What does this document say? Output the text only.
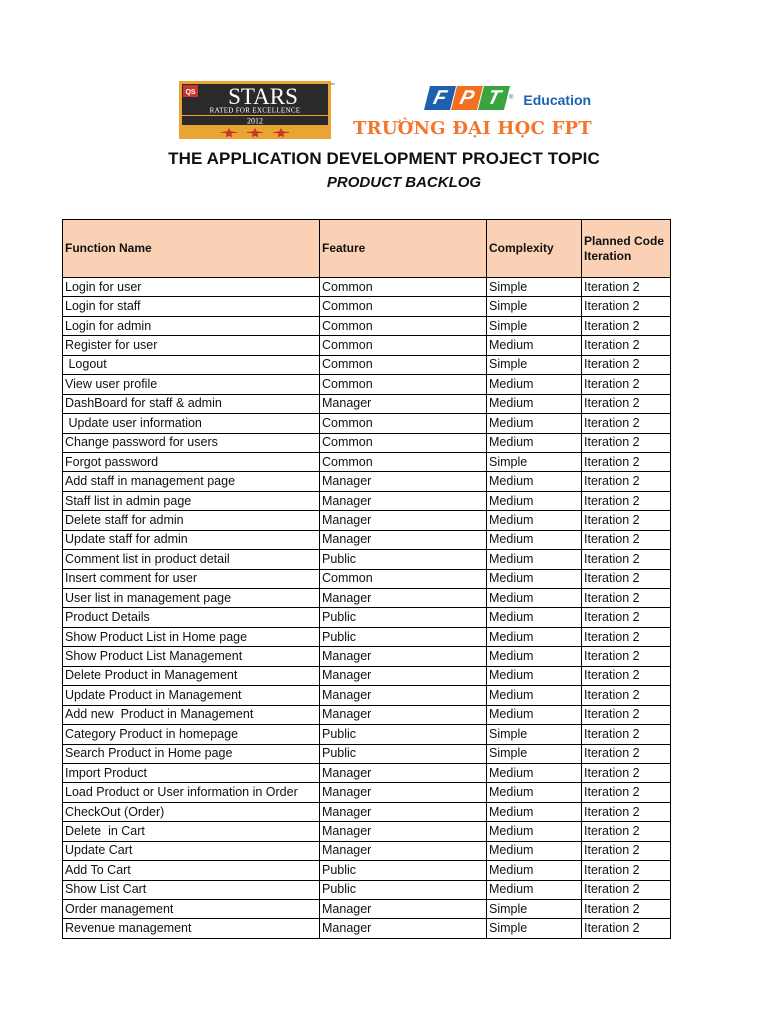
QS STARS
RATED FOR EXCELLENCE
2012
TM
F P T	® Education
TRƯỜNG ĐẠI HỌC FPT
THE APPLICATION DEVELOPMENT PROJECT TOPIC
PRODUCT BACKLOG
Function Name	Feature	Complexity	Planned Code Iteration
Login for user	Common	Simple	Iteration 2
Login for staff	Common	Simple	Iteration 2
Login for admin	Common	Simple	Iteration 2
Register for user	Common	Medium	Iteration 2
Logout	Common	Simple	Iteration 2
View user profile	Common	Medium	Iteration 2
DashBoard for staff & admin	Manager	Medium	Iteration 2
Update user information	Common	Medium	Iteration 2
Change password for users	Common	Medium	Iteration 2
Forgot password	Common	Simple	Iteration 2
Add staff in management page	Manager	Medium	Iteration 2
Staff list in admin page	Manager	Medium	Iteration 2
Delete staff for admin	Manager	Medium	Iteration 2
Update staff for admin	Manager	Medium	Iteration 2
Comment list in product detail	Public	Medium	Iteration 2
Insert comment for user	Common	Medium	Iteration 2
User list in management page	Manager	Medium	Iteration 2
Product Details	Public	Medium	Iteration 2
Show Product List in Home page	Public	Medium	Iteration 2
Show Product List Management	Manager	Medium	Iteration 2
Delete Product in Management	Manager	Medium	Iteration 2
Update Product in Management	Manager	Medium	Iteration 2
Add new  Product in Management	Manager	Medium	Iteration 2
Category Product in homepage	Public	Simple	Iteration 2
Search Product in Home page	Public	Simple	Iteration 2
Import Product	Manager	Medium	Iteration 2
Load Product or User information in Order	Manager	Medium	Iteration 2
CheckOut (Order)	Manager	Medium	Iteration 2
Delete  in Cart	Manager	Medium	Iteration 2
Update Cart	Manager	Medium	Iteration 2
Add To Cart	Public	Medium	Iteration 2
Show List Cart	Public	Medium	Iteration 2
Order management	Manager	Simple	Iteration 2
Revenue management	Manager	Simple	Iteration 2
